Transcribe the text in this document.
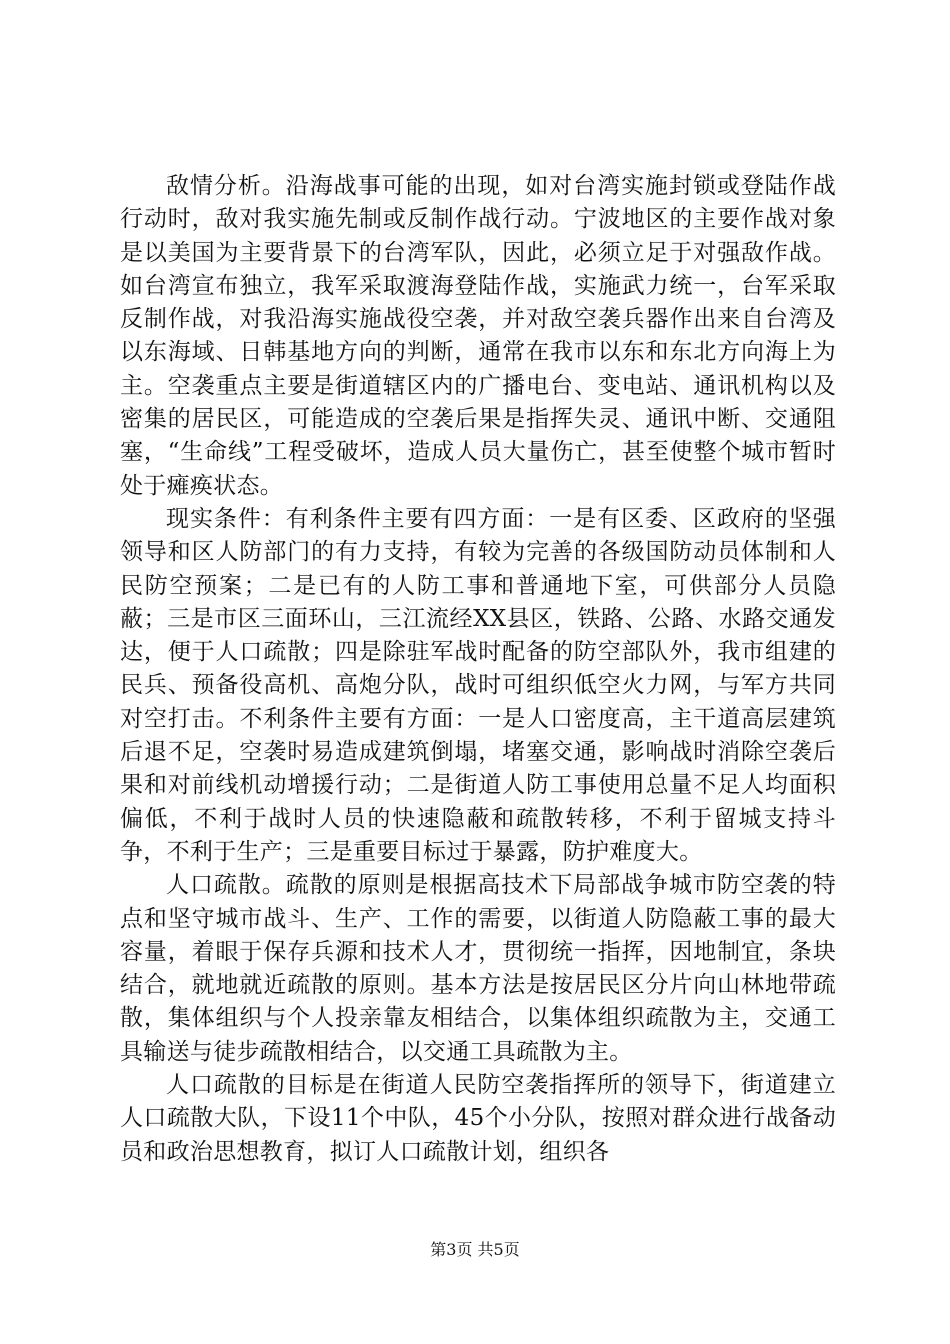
敌情分析。沿海战事可能的出现，如对台湾实施封锁或登陆作战行动时，敌对我实施先制或反制作战行动。宁波地区的主要作战对象是以美国为主要背景下的台湾军队，因此，必须立足于对强敌作战。如台湾宣布独立，我军采取渡海登陆作战，实施武力统一，台军采取反制作战，对我沿海实施战役空袭，并对敌空袭兵器作出来自台湾及以东海域、日韩基地方向的判断，通常在我市以东和东北方向海上为主。空袭重点主要是街道辖区内的广播电台、变电站、通讯机构以及密集的居民区，可能造成的空袭后果是指挥失灵、通讯中断、交通阻塞，“生命线”工程受破坏，造成人员大量伤亡，甚至使整个城市暂时处于瘫痪状态。

现实条件：有利条件主要有四方面：一是有区委、区政府的坚强领导和区人防部门的有力支持，有较为完善的各级国防动员体制和人民防空预案；二是已有的人防工事和普通地下室，可供部分人员隐蔽；三是市区三面环山，三江流经XX县区，铁路、公路、水路交通发达，便于人口疏散；四是除驻军战时配备的防空部队外，我市组建的民兵、预备役高机、高炮分队，战时可组织低空火力网，与军方共同对空打击。不利条件主要有方面：一是人口密度高，主干道高层建筑后退不足，空袭时易造成建筑倒塌，堵塞交通，影响战时消除空袭后果和对前线机动增援行动；二是街道人防工事使用总量不足人均面积偏低，不利于战时人员的快速隐蔽和疏散转移，不利于留城支持斗争，不利于生产；三是重要目标过于暴露，防护难度大。

人口疏散。疏散的原则是根据高技术下局部战争城市防空袭的特点和坚守城市战斗、生产、工作的需要，以街道人防隐蔽工事的最大容量，着眼于保存兵源和技术人才，贯彻统一指挥，因地制宜，条块结合，就地就近疏散的原则。基本方法是按居民区分片向山林地带疏散，集体组织与个人投亲靠友相结合，以集体组织疏散为主，交通工具输送与徒步疏散相结合，以交通工具疏散为主。

人口疏散的目标是在街道人民防空袭指挥所的领导下，街道建立人口疏散大队，下设11个中队，45个小分队，按照对群众进行战备动员和政治思想教育，拟订人口疏散计划，组织各

第3页 共5页
